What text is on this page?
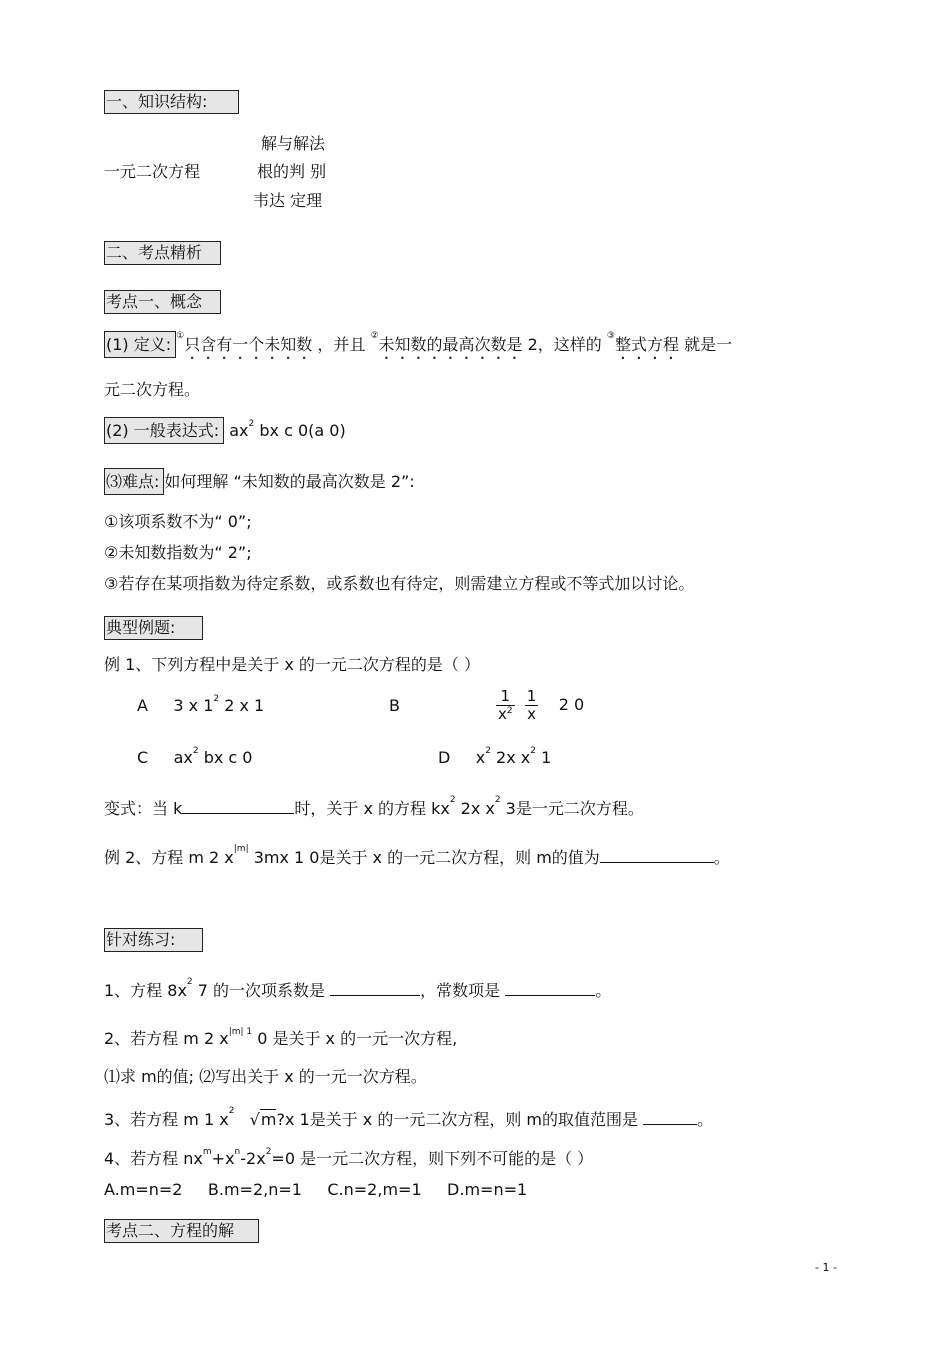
一、知识结构:
一元二次方程
解与解法
根的判 别
韦达 定理
二、考点精析
考点一、概念
(1) 定义: ①只含有一个未知数 ，并且 ②未知数的最高次数是 2，这样的 ③整式方程 就是一
元二次方程。
(2) 一般表达式: $ax^2$ bx c 0(a 0)
⑶难点: 如何理解 “未知数的最高次数是 2”:
①该项系数不为“ 0”;
②未知数指数为“ 2”;
③若存在某项指数为待定系数，或系数也有待定，则需建立方程或不等式加以讨论。
典型例题:
例 1、下列方程中是关于 x 的一元二次方程的是（ ）
A 3 x $1^2$ 2 x 1	B	$\frac{1}{x^2}$
$\frac{1}{x} 2$ 0
C $ax^2$ bx c 0	D $x^2$ 2x $x^2$ 1
变式：当 k	时，关于 x 的方程 $kx^2$ 2x $x^2$ 3是一元二次方程。
例 2、方程 m 2 $x^{|m|}$ 3mx 1 0是关于 x 的一元二次方程，则 m的值为	。
针对练习:
1、方程 $8x^2$ 7 的一次项系数是	，常数项是	。
2、若方程 m 2 $x^{|m| 1}$ 0 是关于 x 的一元一次方程,
⑴求 m的值; ⑵写出关于 x 的一元一次方程。
3、若方程 m 1 $x^2$   √m?x 1是关于 x 的一元二次方程，则 m的取值范围是	。
4、若方程 $nx^m+x^n-2x^2=0$ 是一元二次方程，则下列不可能的是（ ）
A.m=n=2     B.m=2,n=1     C.n=2,m=1     D.m=n=1
考点二、方程的解
- 1 -
